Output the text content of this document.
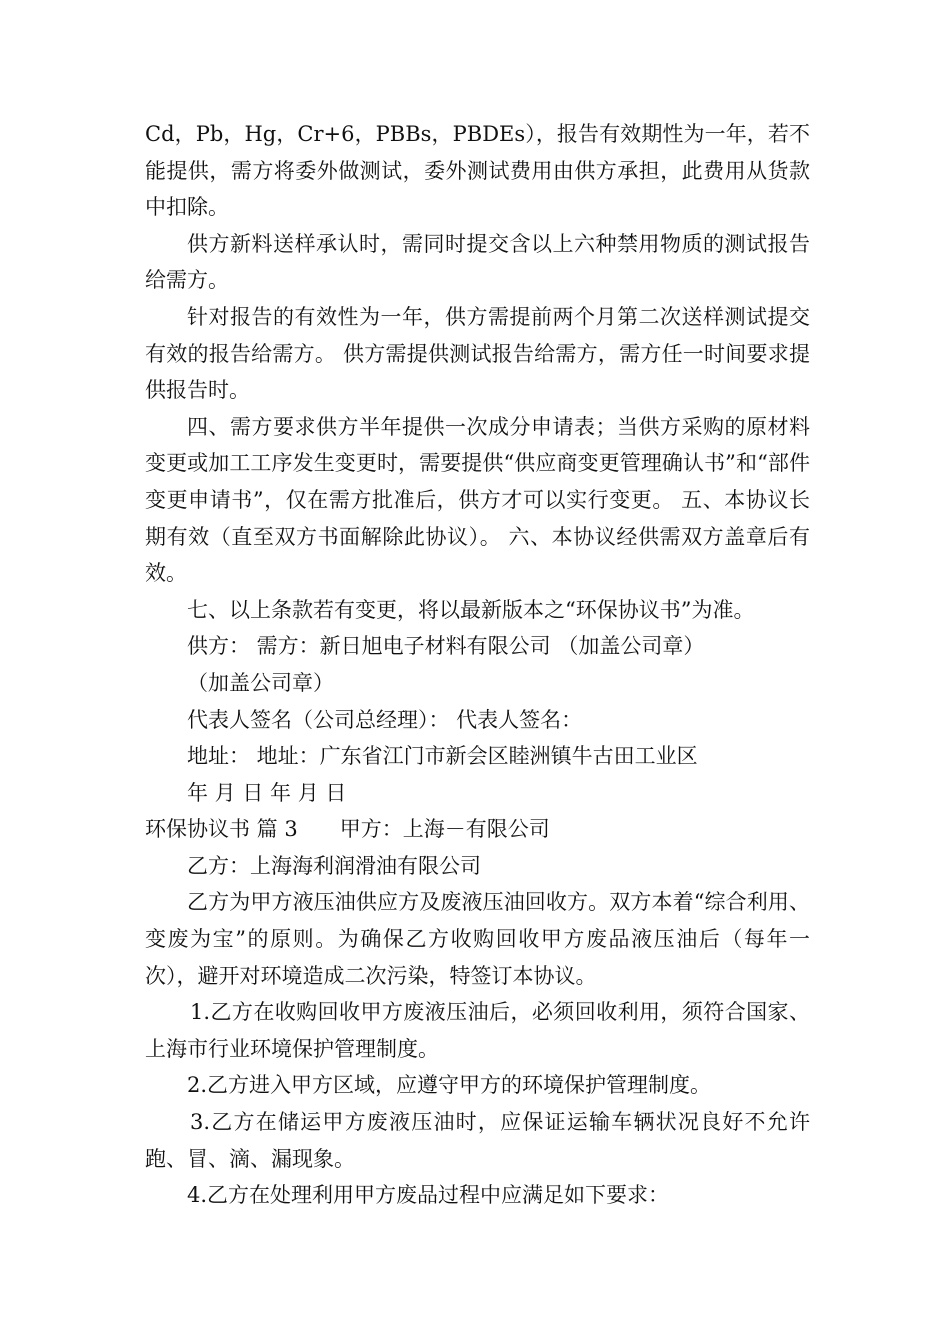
Cd，Pb，Hg，Cr+6，PBBs，PBDEs），报告有效期性为一年，若不能提供，需方将委外做测试，委外测试费用由供方承担，此费用从货款中扣除。

供方新料送样承认时，需同时提交含以上六种禁用物质的测试报告给需方。

针对报告的有效性为一年，供方需提前两个月第二次送样测试提交有效的报告给需方。 供方需提供测试报告给需方，需方任一时间要求提供报告时。

四、需方要求供方半年提供一次成分申请表；当供方采购的原材料变更或加工工序发生变更时，需要提供“供应商变更管理确认书”和“部件变更申请书”，仅在需方批准后，供方才可以实行变更。 五、本协议长期有效（直至双方书面解除此协议）。 六、本协议经供需双方盖章后有效。

七、以上条款若有变更，将以最新版本之“环保协议书”为准。

供方： 需方：新日旭电子材料有限公司 （加盖公司章）

（加盖公司章）

代表人签名（公司总经理）： 代表人签名：

地址： 地址：广东省江门市新会区睦洲镇牛古田工业区

年 月 日 年 月 日

环保协议书 篇 3　　甲方：上海－有限公司

乙方：上海海利润滑油有限公司

乙方为甲方液压油供应方及废液压油回收方。双方本着“综合利用、变废为宝”的原则。为确保乙方收购回收甲方废品液压油后（每年一次），避开对环境造成二次污染，特签订本协议。

1.乙方在收购回收甲方废液压油后，必须回收利用，须符合国家、上海市行业环境保护管理制度。

2.乙方进入甲方区域，应遵守甲方的环境保护管理制度。

3.乙方在储运甲方废液压油时，应保证运输车辆状况良好不允许跑、冒、滴、漏现象。

4.乙方在处理利用甲方废品过程中应满足如下要求：
